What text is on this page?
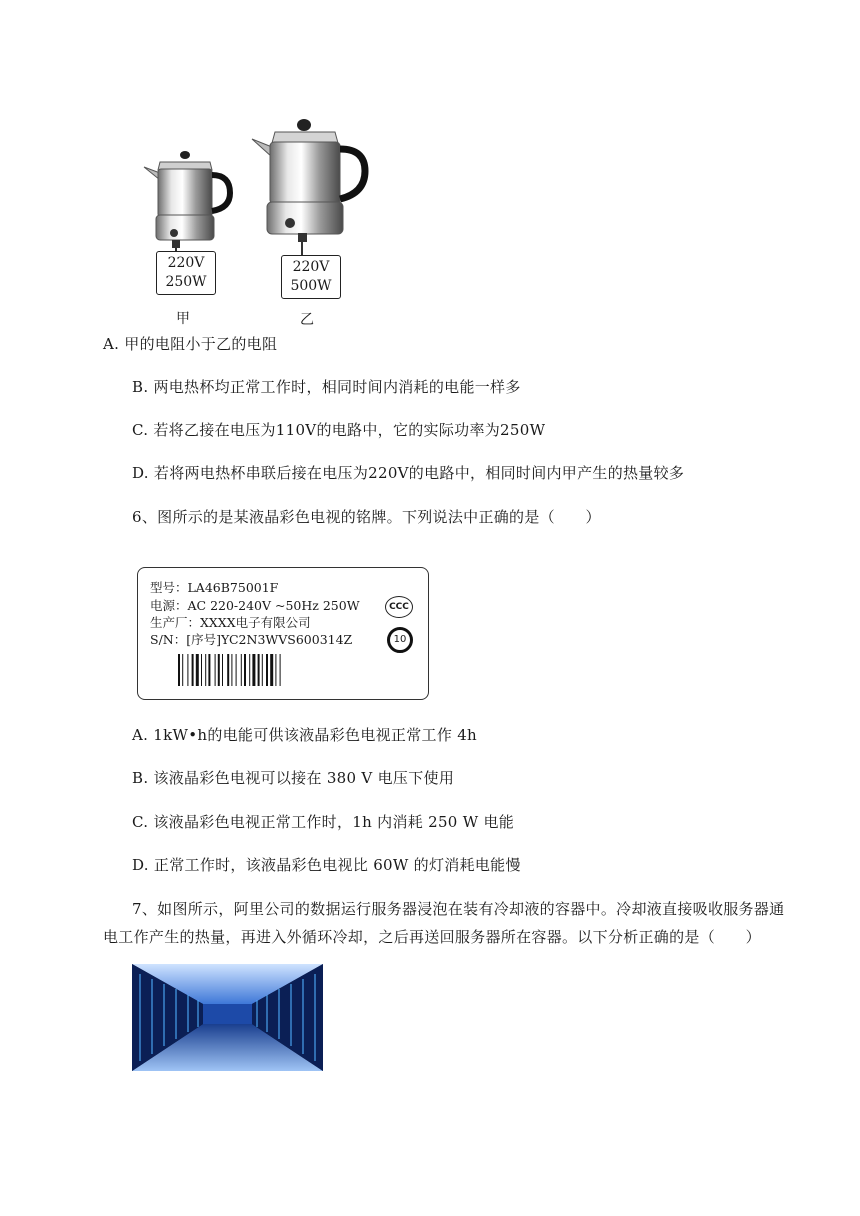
220V
250W
220V
500W
甲	乙
A. 甲的电阻小于乙的电阻
B. 两电热杯均正常工作时，相同时间内消耗的电能一样多
C. 若将乙接在电压为110V的电路中，它的实际功率为250W
D. 若将两电热杯串联后接在电压为220V的电路中，相同时间内甲产生的热量较多
6、图所示的是某液晶彩色电视的铭牌。下列说法中正确的是（　　）
型号：LA46B75001F
电源：AC 220-240V ~50Hz 250W
生产厂：XXXX电子有限公司
S/N：[序号]YC2N3WVS600314Z
CCC
10
A. 1kW•h的电能可供该液晶彩色电视正常工作 4h
B. 该液晶彩色电视可以接在 380 V 电压下使用
C. 该液晶彩色电视正常工作时，1h 内消耗 250 W 电能
D. 正常工作时，该液晶彩色电视比 60W 的灯消耗电能慢
7、如图所示，阿里公司的数据运行服务器浸泡在装有冷却液的容器中。冷却液直接吸收服务器通
电工作产生的热量，再进入外循环冷却，之后再送回服务器所在容器。以下分析正确的是（　　）
